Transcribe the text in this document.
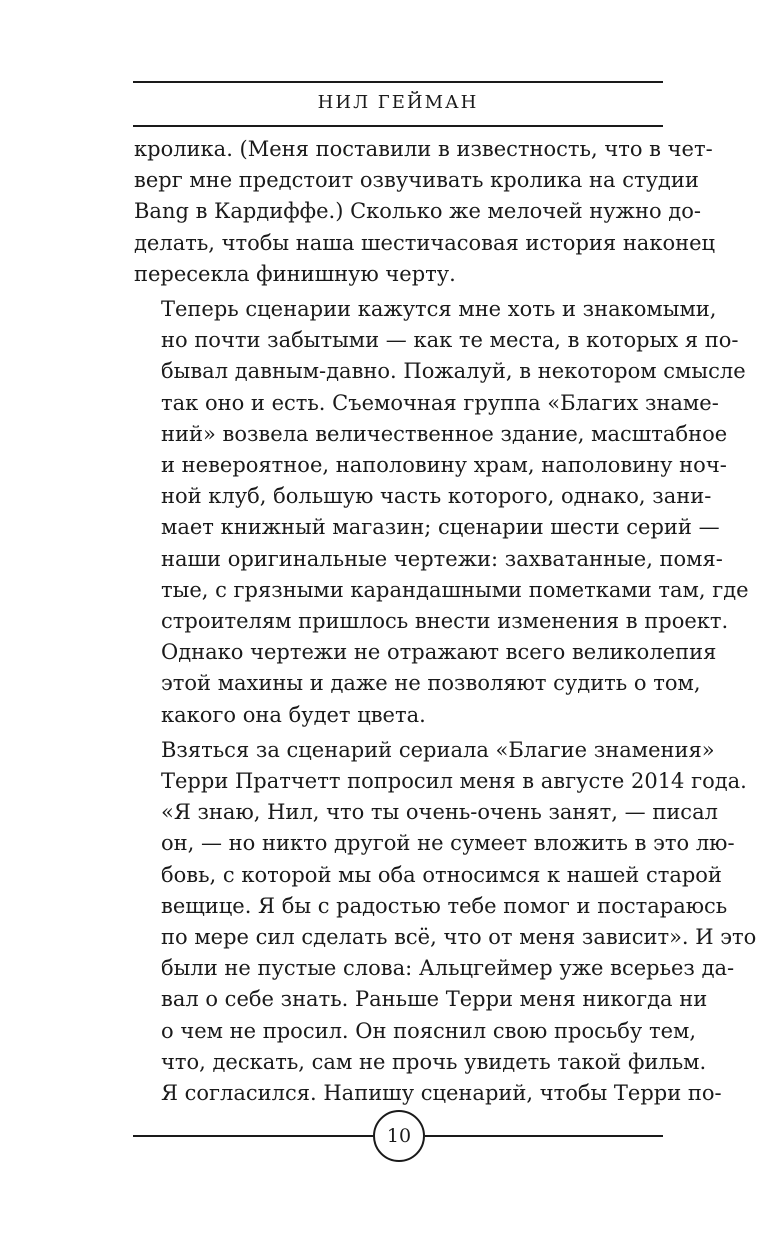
НИЛ ГЕЙМАН

кролика. (Меня поставили в известность, что в чет-
верг мне предстоит озвучивать кролика на студии
Bang в Кардиффе.) Сколько же мелочей нужно до-
делать, чтобы наша шестичасовая история наконец
пересекла финишную черту.

Теперь сценарии кажутся мне хоть и знакомыми,
но почти забытыми — как те места, в которых я по-
бывал давным-давно. Пожалуй, в некотором смысле
так оно и есть. Съемочная группа «Благих знаме-
ний» возвела величественное здание, масштабное
и невероятное, наполовину храм, наполовину ноч-
ной клуб, большую часть которого, однако, зани-
мает книжный магазин; сценарии шести серий —
наши оригинальные чертежи: захватанные, помя-
тые, с грязными карандашными пометками там, где
строителям пришлось внести изменения в проект.
Однако чертежи не отражают всего великолепия
этой махины и даже не позволяют судить о том,
какого она будет цвета.

Взяться за сценарий сериала «Благие знамения»
Терри Пратчетт попросил меня в августе 2014 года.
«Я знаю, Нил, что ты очень-очень занят, — писал
он, — но никто другой не сумеет вложить в это лю-
бовь, с которой мы оба относимся к нашей старой
вещице. Я бы с радостью тебе помог и постараюсь
по мере сил сделать всё, что от меня зависит». И это
были не пустые слова: Альцгеймер уже всерьез да-
вал о себе знать. Раньше Терри меня никогда ни
о чем не просил. Он пояснил свою просьбу тем,
что, дескать, сам не прочь увидеть такой фильм.
Я согласился. Напишу сценарий, чтобы Терри по-

10
